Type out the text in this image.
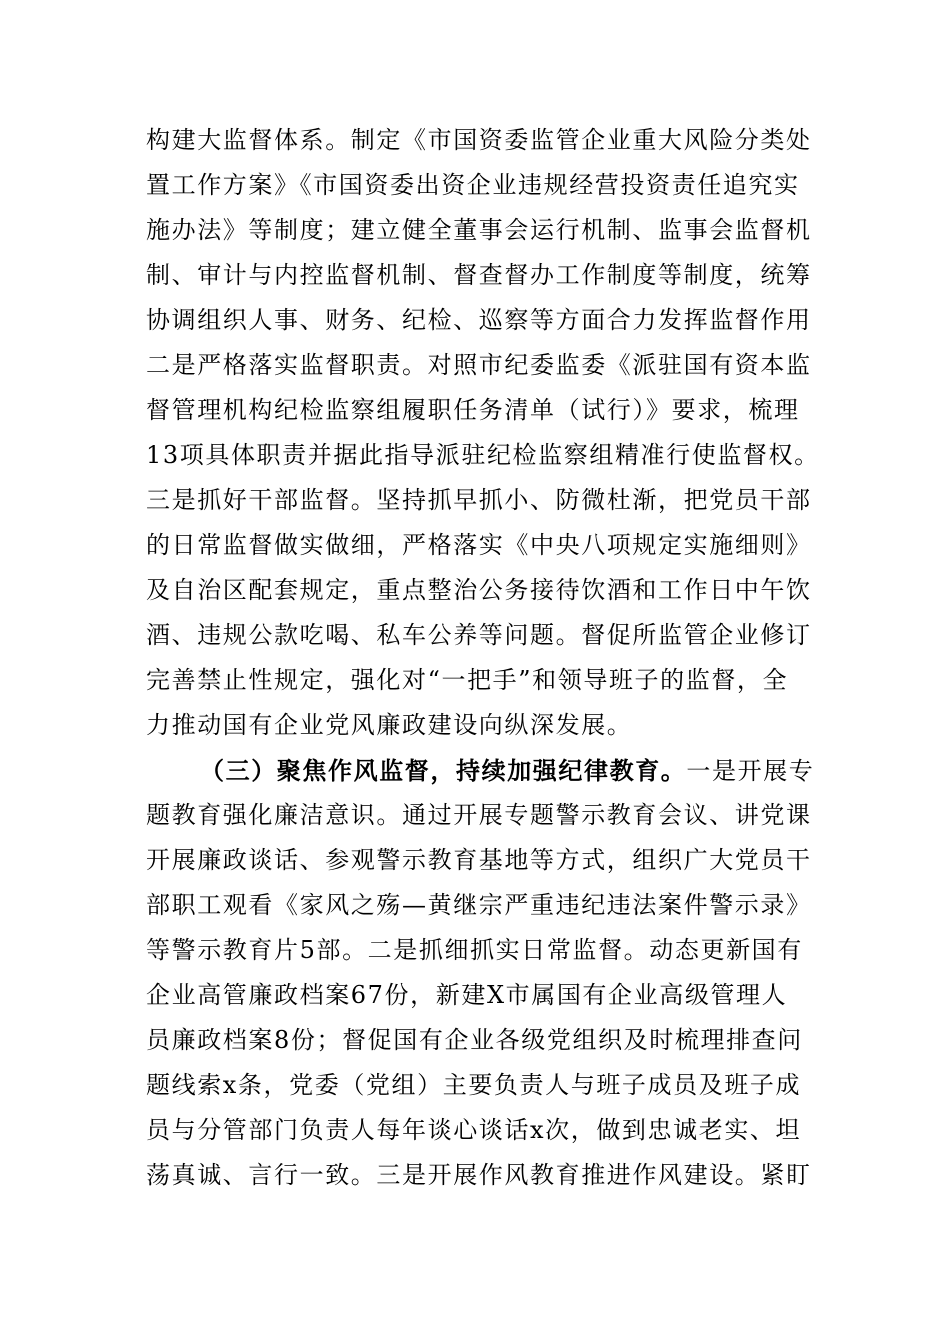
构建大监督体系。制定《市国资委监管企业重大风险分类处
置工作方案》《市国资委出资企业违规经营投资责任追究实
施办法》等制度；建立健全董事会运行机制、监事会监督机
制、审计与内控监督机制、督查督办工作制度等制度，统筹
协调组织人事、财务、纪检、巡察等方面合力发挥监督作用
二是严格落实监督职责。对照市纪委监委《派驻国有资本监
督管理机构纪检监察组履职任务清单（试行）》要求，梳理
13项具体职责并据此指导派驻纪检监察组精准行使监督权。
三是抓好干部监督。坚持抓早抓小、防微杜渐，把党员干部
的日常监督做实做细，严格落实《中央八项规定实施细则》
及自治区配套规定，重点整治公务接待饮酒和工作日中午饮
酒、违规公款吃喝、私车公养等问题。督促所监管企业修订
完善禁止性规定，强化对“一把手”和领导班子的监督，全
力推动国有企业党风廉政建设向纵深发展。
（三）聚焦作风监督，持续加强纪律教育。一是开展专
题教育强化廉洁意识。通过开展专题警示教育会议、讲党课
开展廉政谈话、参观警示教育基地等方式，组织广大党员干
部职工观看《家风之殇—黄继宗严重违纪违法案件警示录》
等警示教育片5部。二是抓细抓实日常监督。动态更新国有
企业高管廉政档案67份，新建X市属国有企业高级管理人
员廉政档案8份；督促国有企业各级党组织及时梳理排查问
题线索x条，党委（党组）主要负责人与班子成员及班子成
员与分管部门负责人每年谈心谈话x次，做到忠诚老实、坦
荡真诚、言行一致。三是开展作风教育推进作风建设。紧盯
